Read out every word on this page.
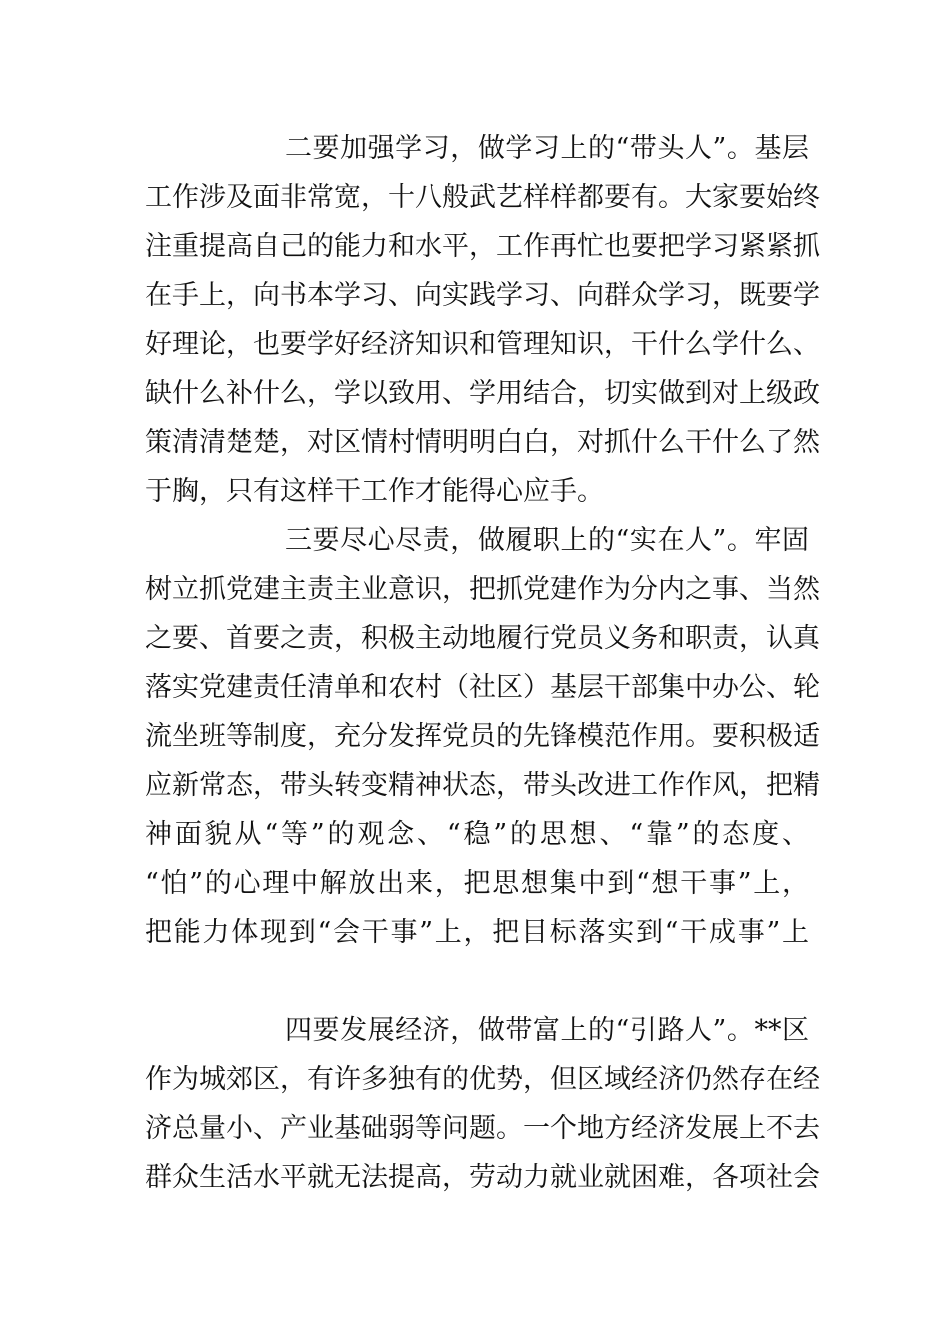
二要加强学习，做学习上的“带头人”。基层
工作涉及面非常宽，十八般武艺样样都要有。大家要始终
注重提高自己的能力和水平，工作再忙也要把学习紧紧抓
在手上，向书本学习、向实践学习、向群众学习，既要学
好理论，也要学好经济知识和管理知识，干什么学什么、
缺什么补什么，学以致用、学用结合，切实做到对上级政
策清清楚楚，对区情村情明明白白，对抓什么干什么了然
于胸，只有这样干工作才能得心应手。
三要尽心尽责，做履职上的“实在人”。牢固
树立抓党建主责主业意识，把抓党建作为分内之事、当然
之要、首要之责，积极主动地履行党员义务和职责，认真
落实党建责任清单和农村（社区）基层干部集中办公、轮
流坐班等制度，充分发挥党员的先锋模范作用。要积极适
应新常态，带头转变精神状态，带头改进工作作风，把精
神面貌从“等”的观念、“稳”的思想、“靠”的态度、
“怕”的心理中解放出来，把思想集中到“想干事”上，
把能力体现到“会干事”上，把目标落实到“干成事”上
四要发展经济，做带富上的“引路人”。**区
作为城郊区，有许多独有的优势，但区域经济仍然存在经
济总量小、产业基础弱等问题。一个地方经济发展上不去
群众生活水平就无法提高，劳动力就业就困难，各项社会
